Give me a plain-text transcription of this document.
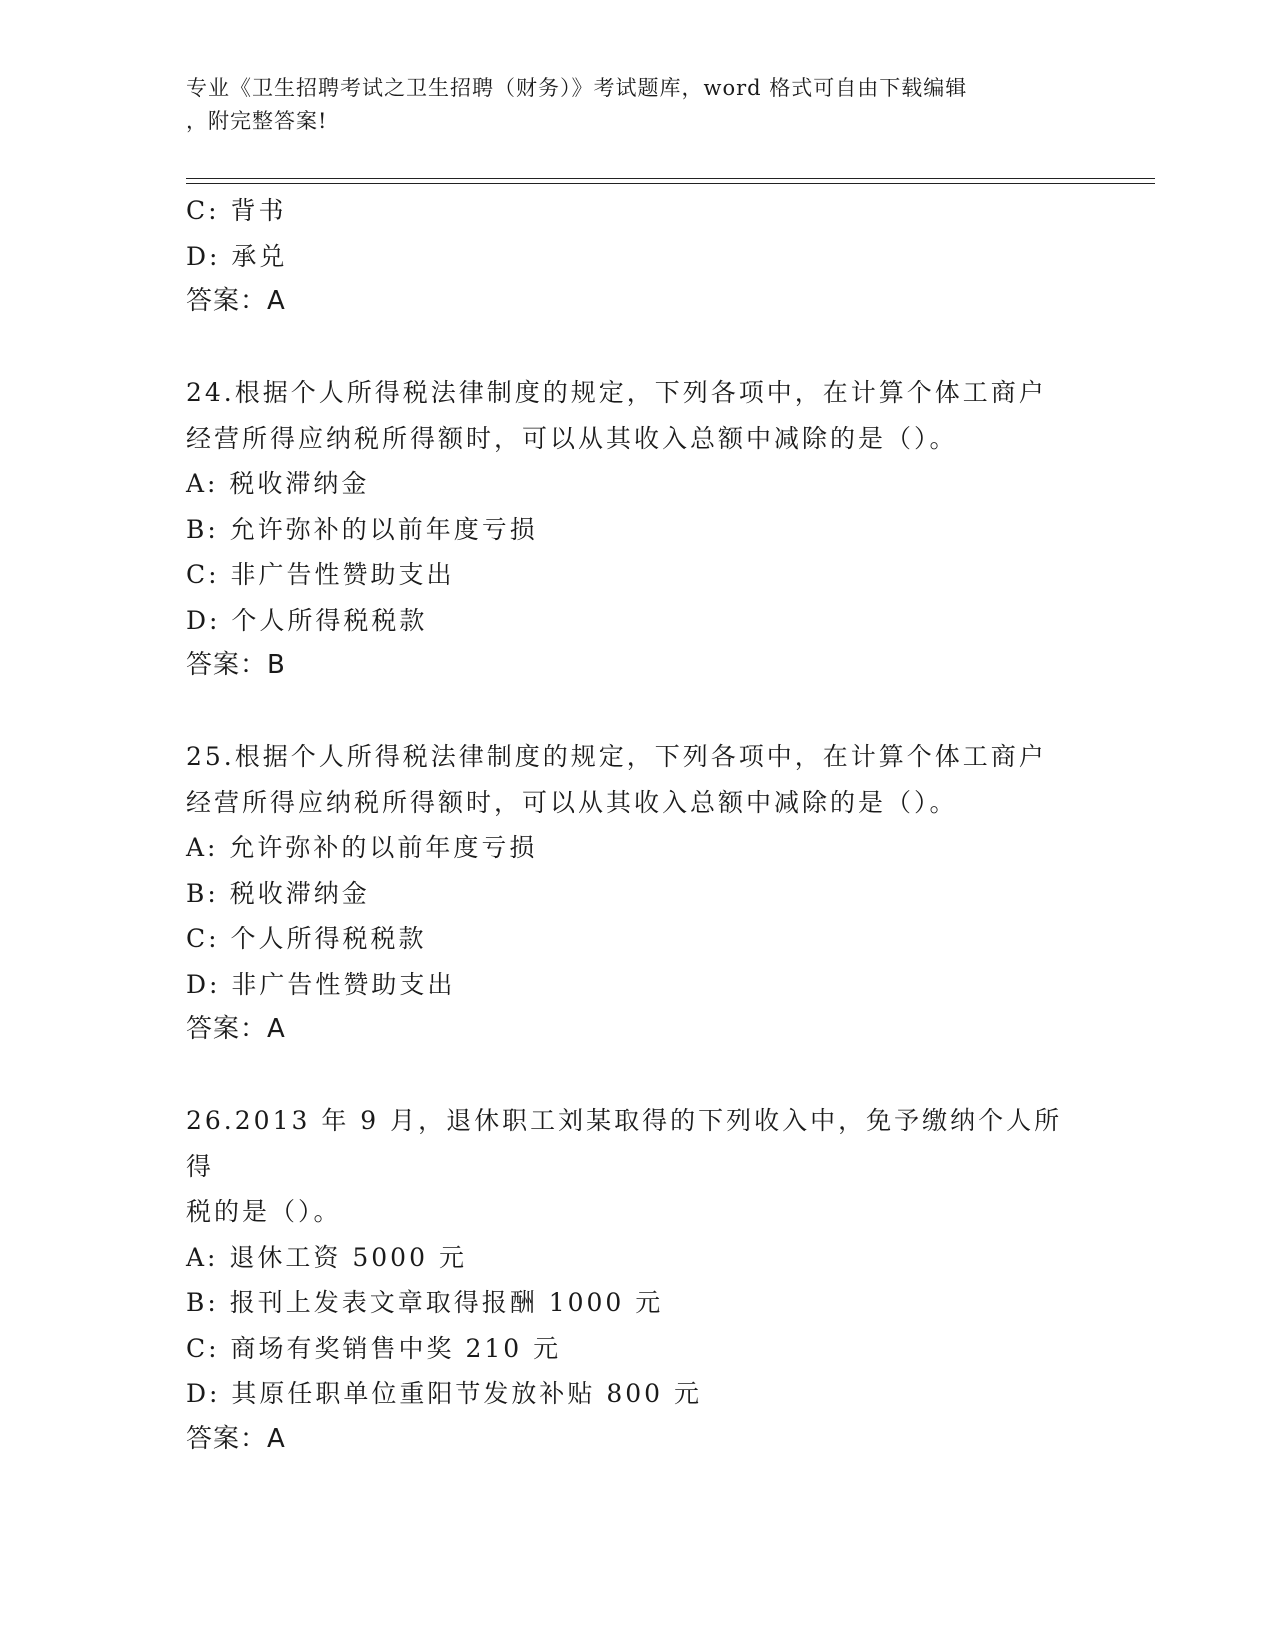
专业《卫生招聘考试之卫生招聘（财务）》考试题库，word 格式可自由下载编辑
，附完整答案!
C: 背书
D: 承兑
答案：A
24.根据个人所得税法律制度的规定，下列各项中，在计算个体工商户
经营所得应纳税所得额时，可以从其收入总额中减除的是（）。
A: 税收滞纳金
B: 允许弥补的以前年度亏损
C: 非广告性赞助支出
D: 个人所得税税款
答案：B
25.根据个人所得税法律制度的规定，下列各项中，在计算个体工商户
经营所得应纳税所得额时，可以从其收入总额中减除的是（）。
A: 允许弥补的以前年度亏损
B: 税收滞纳金
C: 个人所得税税款
D: 非广告性赞助支出
答案：A
26.2013 年 9 月，退休职工刘某取得的下列收入中，免予缴纳个人所得
税的是（）。
A: 退休工资 5000 元
B: 报刊上发表文章取得报酬 1000 元
C: 商场有奖销售中奖 210 元
D: 其原任职单位重阳节发放补贴 800 元
答案：A
